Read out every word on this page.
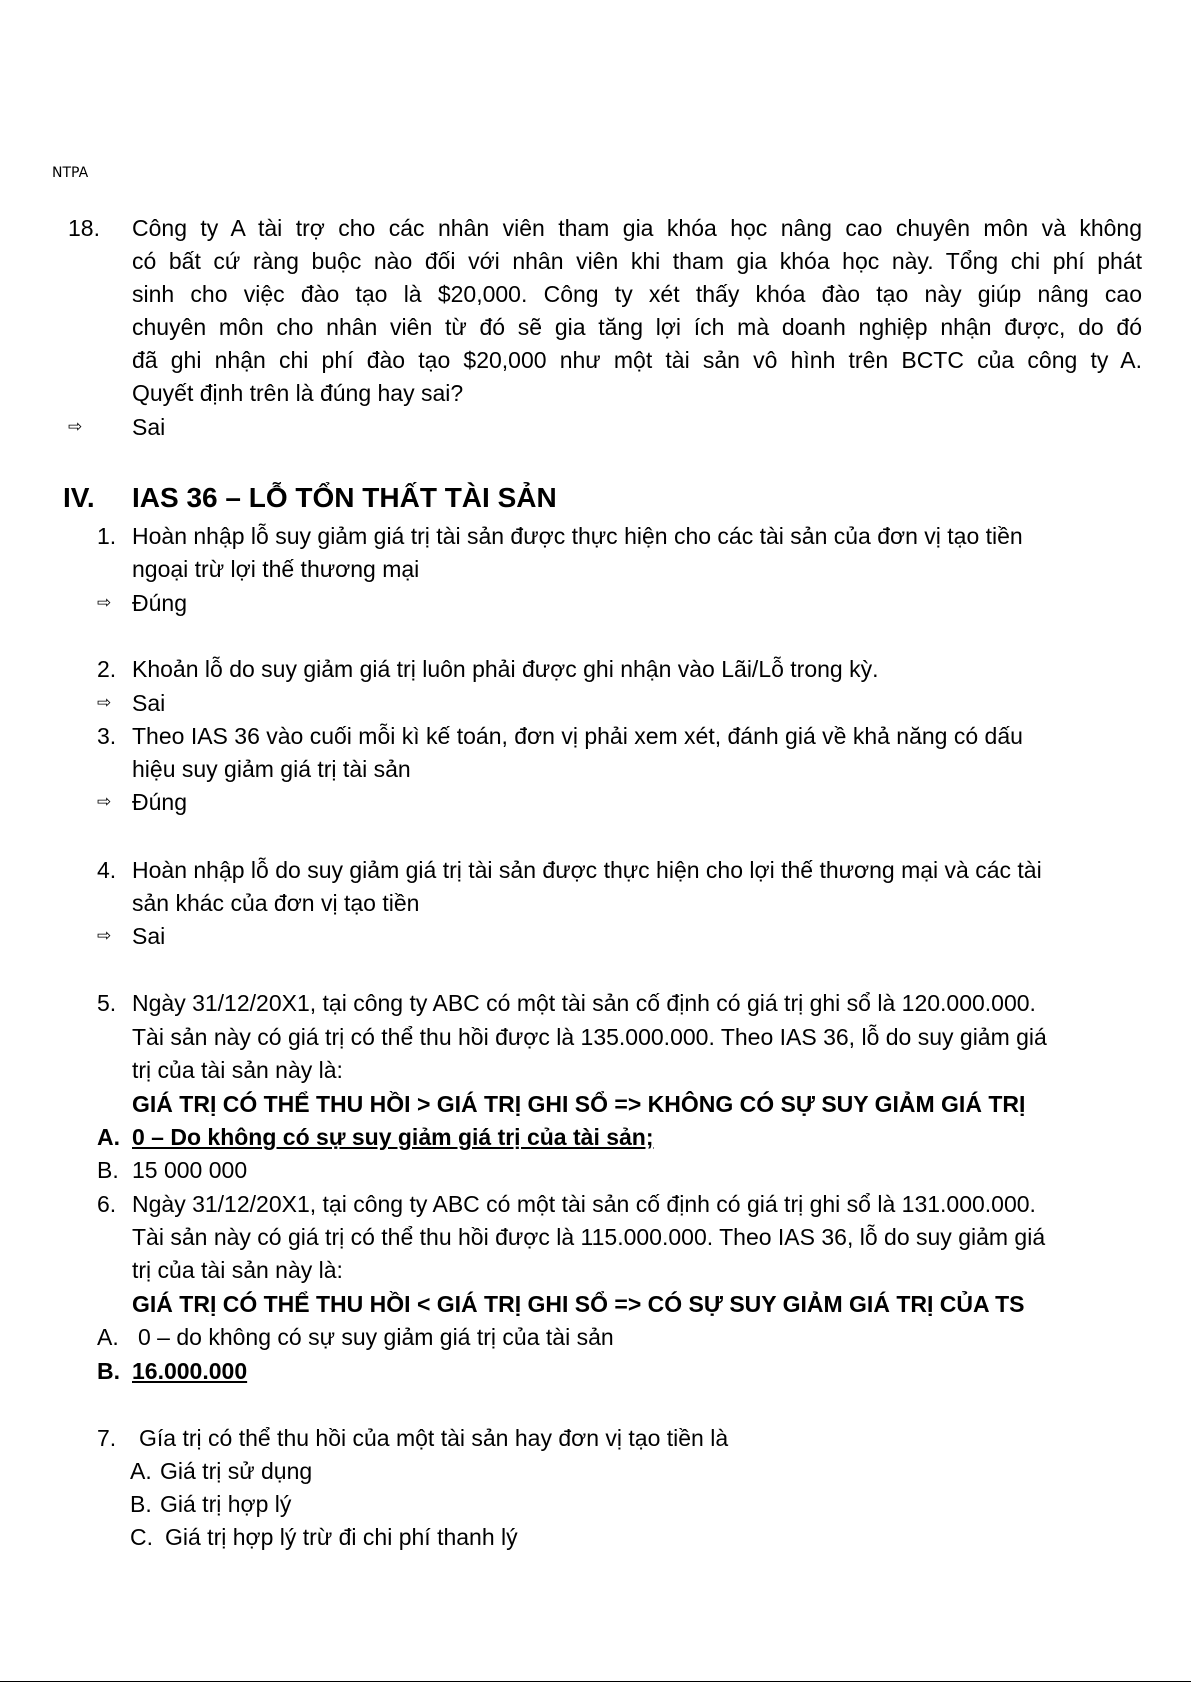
NTPA
18. Công ty A tài trợ cho các nhân viên tham gia khóa học nâng cao chuyên môn và không
có bất cứ ràng buộc nào đối với nhân viên khi tham gia khóa học này. Tổng chi phí phát
sinh cho việc đào tạo là $20,000. Công ty xét thấy khóa đào tạo này giúp nâng cao
chuyên môn cho nhân viên từ đó sẽ gia tăng lợi ích mà doanh nghiệp nhận được, do đó
đã ghi nhận chi phí đào tạo $20,000 như một tài sản vô hình trên BCTC của công ty A.
Quyết định trên là đúng hay sai?
⇨ Sai
IV. IAS 36 – LỖ TỔN THẤT TÀI SẢN
1. Hoàn nhập lỗ suy giảm giá trị tài sản được thực hiện cho các tài sản của đơn vị tạo tiền
ngoại trừ lợi thế thương mại
⇨ Đúng
2. Khoản lỗ do suy giảm giá trị luôn phải được ghi nhận vào Lãi/Lỗ trong kỳ.
⇨ Sai
3. Theo IAS 36 vào cuối mỗi kì kế toán, đơn vị phải xem xét, đánh giá về khả năng có dấu
hiệu suy giảm giá trị tài sản
⇨ Đúng
4. Hoàn nhập lỗ do suy giảm giá trị tài sản được thực hiện cho lợi thế thương mại và các tài
sản khác của đơn vị tạo tiền
⇨ Sai
5. Ngày 31/12/20X1, tại công ty ABC có một tài sản cố định có giá trị ghi sổ là 120.000.000.
Tài sản này có giá trị có thể thu hồi được là 135.000.000. Theo IAS 36, lỗ do suy giảm giá
trị của tài sản này là:
GIÁ TRỊ CÓ THỂ THU HỒI > GIÁ TRỊ GHI SỔ => KHÔNG CÓ SỰ SUY GIẢM GIÁ TRỊ
A. 0 – Do không có sự suy giảm giá trị của tài sản;
B. 15 000 000
6. Ngày 31/12/20X1, tại công ty ABC có một tài sản cố định có giá trị ghi sổ là 131.000.000.
Tài sản này có giá trị có thể thu hồi được là 115.000.000. Theo IAS 36, lỗ do suy giảm giá
trị của tài sản này là:
GIÁ TRỊ CÓ THỂ THU HỒI < GIÁ TRỊ GHI SỔ => CÓ SỰ SUY GIẢM GIÁ TRỊ CỦA TS
A. 0 – do không có sự suy giảm giá trị của tài sản
B. 16.000.000
7. Gía trị có thể thu hồi của một tài sản hay đơn vị tạo tiền là
A. Giá trị sử dụng
B. Giá trị hợp lý
C. Giá trị hợp lý trừ đi chi phí thanh lý
